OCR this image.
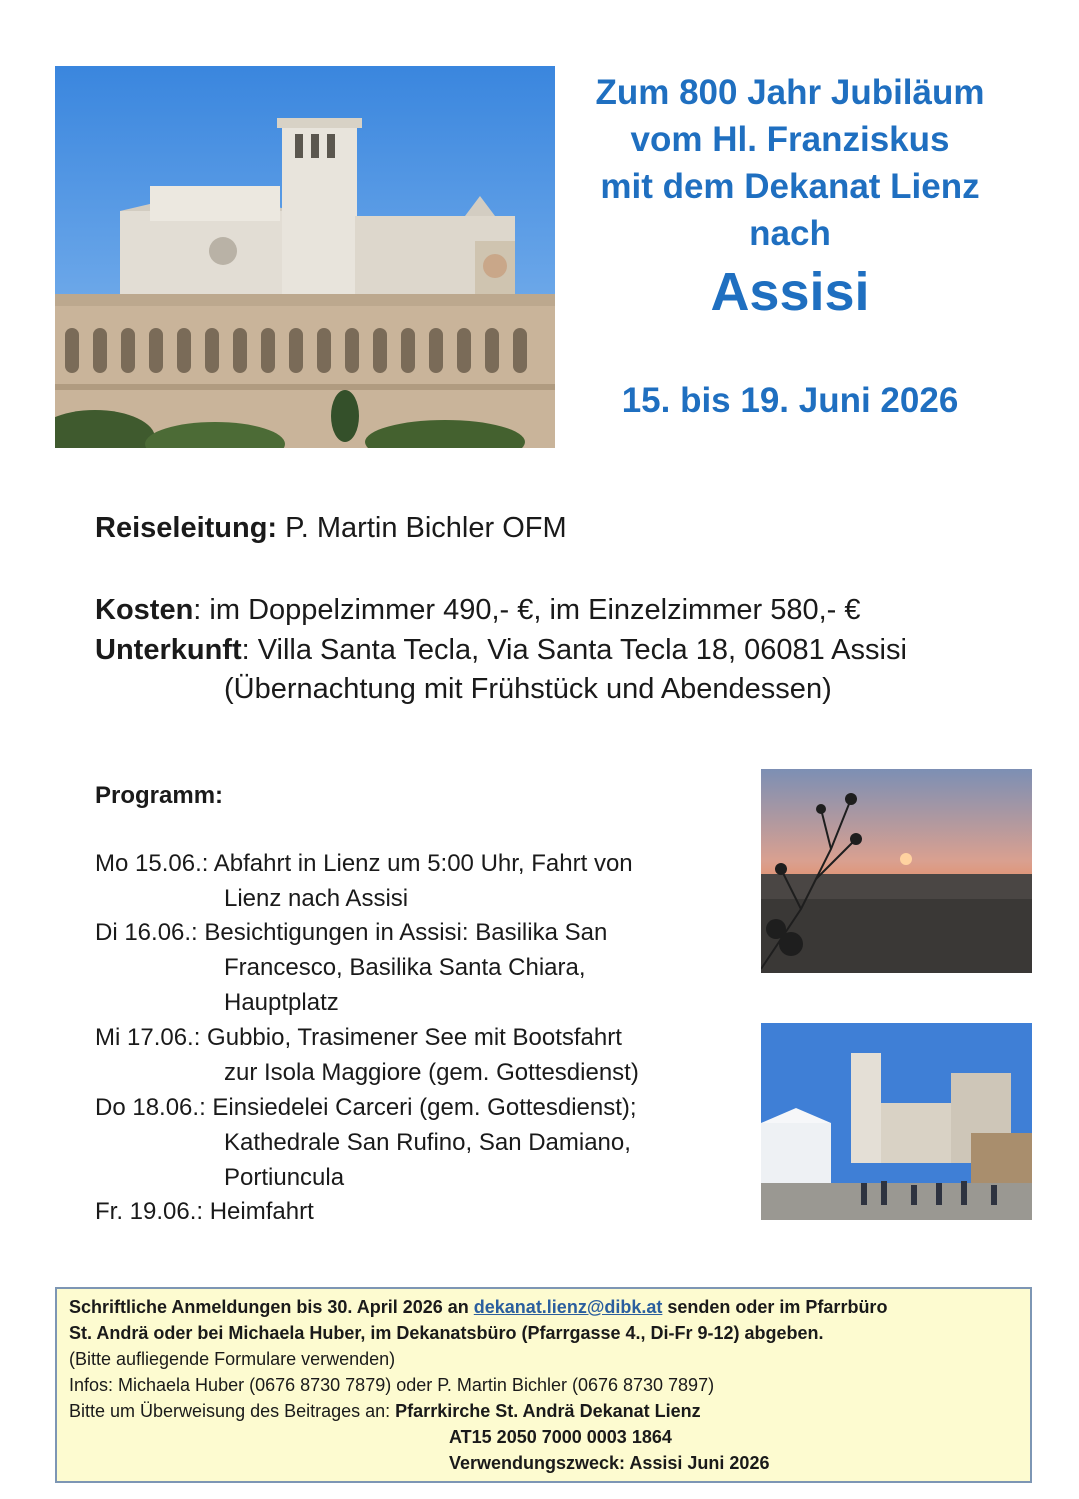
Zum 800 Jahr Jubiläum
vom Hl. Franziskus
mit dem Dekanat Lienz
nach
Assisi
15. bis 19. Juni 2026
Reiseleitung: P. Martin Bichler OFM
Kosten: im Doppelzimmer 490,- €, im Einzelzimmer 580,- €
Unterkunft: Villa Santa Tecla, Via Santa Tecla 18, 06081 Assisi
(Übernachtung mit Frühstück und Abendessen)
Programm:
Mo 15.06.: Abfahrt in Lienz um 5:00 Uhr, Fahrt von
Lienz nach Assisi
Di 16.06.: Besichtigungen in Assisi: Basilika San
Francesco, Basilika Santa Chiara,
Hauptplatz
Mi 17.06.: Gubbio, Trasimener See mit Bootsfahrt
zur Isola Maggiore (gem. Gottesdienst)
Do 18.06.: Einsiedelei Carceri (gem. Gottesdienst);
Kathedrale San Rufino, San Damiano,
Portiuncula
Fr. 19.06.: Heimfahrt
Schriftliche Anmeldungen bis 30. April 2026 an dekanat.lienz@dibk.at senden oder im Pfarrbüro
St. Andrä oder bei Michaela Huber, im Dekanatsbüro (Pfarrgasse 4., Di-Fr 9-12) abgeben.
(Bitte aufliegende Formulare verwenden)
Infos: Michaela Huber (0676 8730 7879) oder P. Martin Bichler (0676 8730 7897)
Bitte um Überweisung des Beitrages an: Pfarrkirche St. Andrä Dekanat Lienz
AT15 2050 7000 0003 1864
Verwendungszweck: Assisi Juni 2026
